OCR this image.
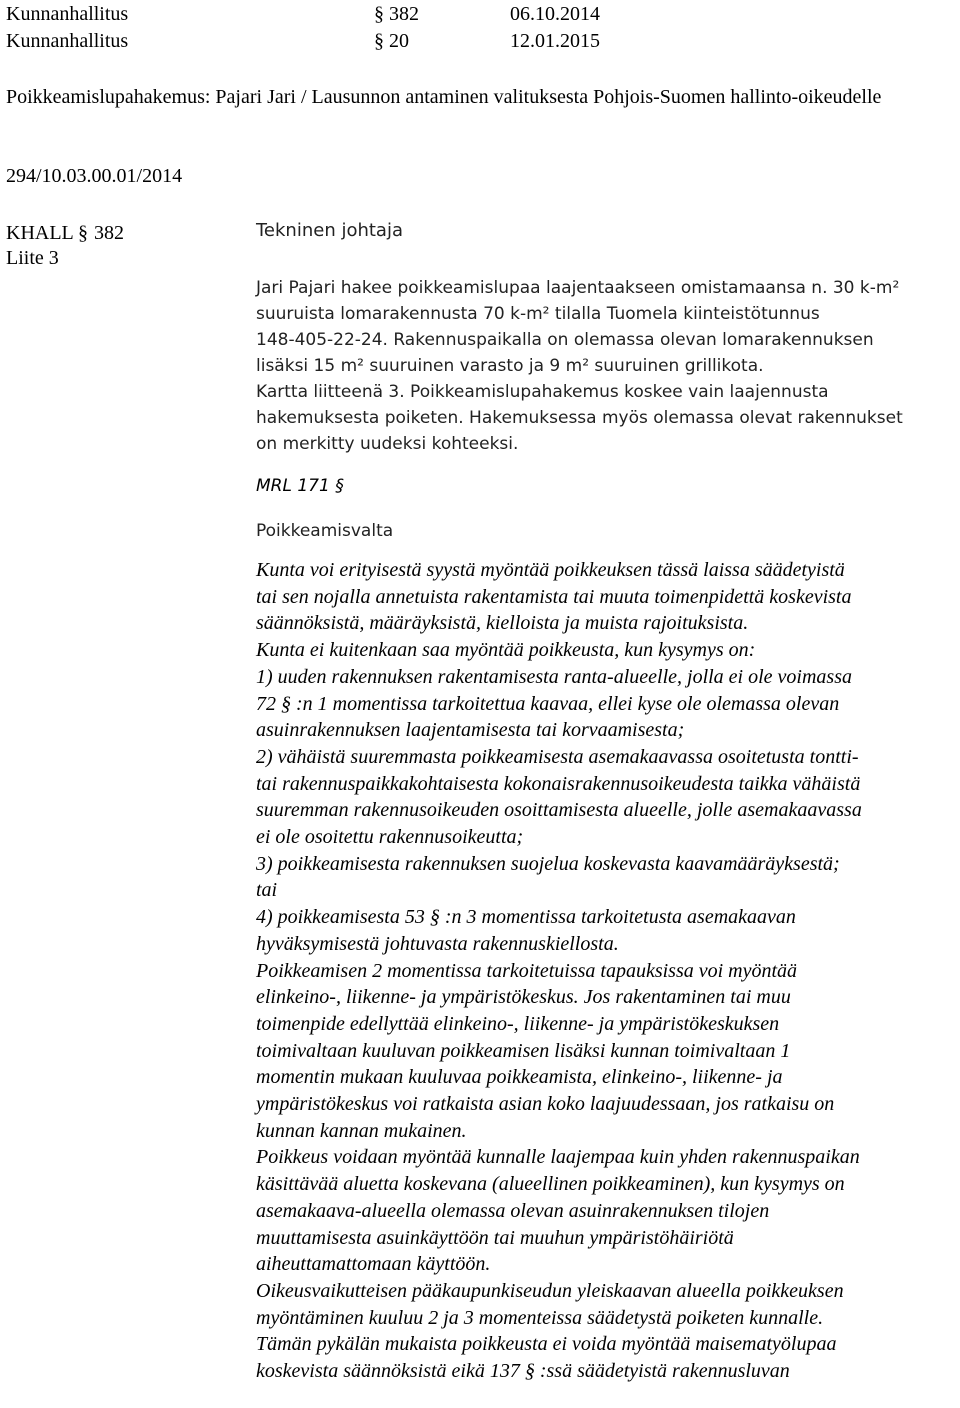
Kunnanhallitus	§ 382	06.10.2014
Kunnanhallitus	§ 20	12.01.2015
Poikkeamislupahakemus: Pajari Jari / Lausunnon antaminen valituksesta Pohjois-Suomen hallinto-oikeudelle
294/10.03.00.01/2014
KHALL § 382
Liite 3
Tekninen johtaja
Jari Pajari hakee poikkeamislupaa laajentaakseen omistamaansa n. 30 k-m²
suuruista lomarakennusta 70 k-m² tilalla Tuomela kiinteistötunnus
148-405-22-24. Rakennuspaikalla on olemassa olevan lomarakennuksen
lisäksi 15 m² suuruinen varasto ja 9 m² suuruinen grillikota.
Kartta liitteenä 3. Poikkeamislupahakemus koskee vain laajennusta
hakemuksesta poiketen. Hakemuksessa myös olemassa olevat rakennukset
on merkitty uudeksi kohteeksi.
MRL 171 §
Poikkeamisvalta
Kunta voi erityisestä syystä myöntää poikkeuksen tässä laissa säädetyistä
tai sen nojalla annetuista rakentamista tai muuta toimenpidettä koskevista
säännöksistä, määräyksistä, kielloista ja muista rajoituksista.
Kunta ei kuitenkaan saa myöntää poikkeusta, kun kysymys on:
1) uuden rakennuksen rakentamisesta ranta-alueelle, jolla ei ole voimassa
72 § :n 1 momentissa tarkoitettua kaavaa, ellei kyse ole olemassa olevan
asuinrakennuksen laajentamisesta tai korvaamisesta;
2) vähäistä suuremmasta poikkeamisesta asemakaavassa osoitetusta tontti-
tai rakennuspaikkakohtaisesta kokonaisrakennusoikeudesta taikka vähäistä
suuremman rakennusoikeuden osoittamisesta alueelle, jolle asemakaavassa
ei ole osoitettu rakennusoikeutta;
3) poikkeamisesta rakennuksen suojelua koskevasta kaavamääräyksestä;
tai
4) poikkeamisesta 53 § :n 3 momentissa tarkoitetusta asemakaavan
hyväksymisestä johtuvasta rakennuskiellosta.
Poikkeamisen 2 momentissa tarkoitetuissa tapauksissa voi myöntää
elinkeino-, liikenne- ja ympäristökeskus. Jos rakentaminen tai muu
toimenpide edellyttää elinkeino-, liikenne- ja ympäristökeskuksen
toimivaltaan kuuluvan poikkeamisen lisäksi kunnan toimivaltaan 1
momentin mukaan kuuluvaa poikkeamista, elinkeino-, liikenne- ja
ympäristökeskus voi ratkaista asian koko laajuudessaan, jos ratkaisu on
kunnan kannan mukainen.
Poikkeus voidaan myöntää kunnalle laajempaa kuin yhden rakennuspaikan
käsittävää aluetta koskevana (alueellinen poikkeaminen), kun kysymys on
asemakaava-alueella olemassa olevan asuinrakennuksen tilojen
muuttamisesta asuinkäyttöön tai muuhun ympäristöhäiriötä
aiheuttamattomaan käyttöön.
Oikeusvaikutteisen pääkaupunkiseudun yleiskaavan alueella poikkeuksen
myöntäminen kuuluu 2 ja 3 momenteissa säädetystä poiketen kunnalle.
Tämän pykälän mukaista poikkeusta ei voida myöntää maisematyölupaa
koskevista säännöksistä eikä 137 § :ssä säädetyistä rakennusluvan
